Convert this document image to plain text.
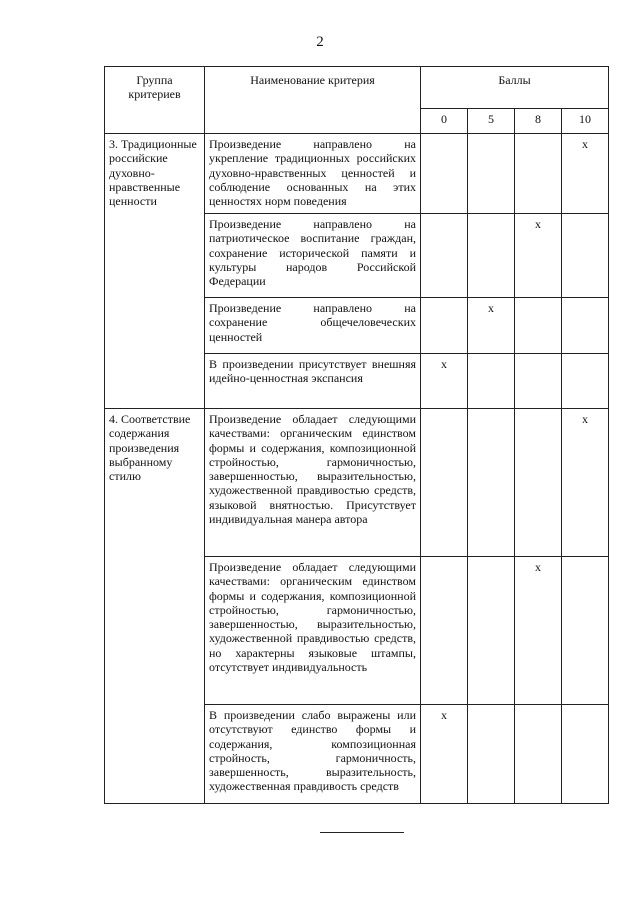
2
Группа критериев	Наименование критерия	Баллы			
		0	5	8	10
3. Традиционные российские духовно-нравственные ценности	Произведение направлено на укрепление традиционных российских духовно-нравственных ценностей и соблюдение основанных на этих ценностях норм поведения				x
	Произведение направлено на патриотическое воспитание граждан, сохранение исторической памяти и культуры народов Российской Федерации			x	
	Произведение направлено на сохранение общечеловеческих ценностей		x		
	В произведении присутствует внешняя идейно-ценностная экспансия	x			
4. Соответствие содержания произведения выбранному стилю	Произведение обладает следующими качествами: органическим единством формы и содержания, композиционной стройностью, гармоничностью, завершенностью, выразительностью, художественной правдивостью средств, языковой внятностью. Присутствует индивидуальная манера автора				x
	Произведение обладает следующими качествами: органическим единством формы и содержания, композиционной стройностью, гармоничностью, завершенностью, выразительностью, художественной правдивостью средств, но характерны языковые штампы, отсутствует индивидуальность			x	
	В произведении слабо выражены или отсутствуют единство формы и содержания, композиционная стройность, гармоничность, завершенность, выразительность, художественная правдивость средств	x			
